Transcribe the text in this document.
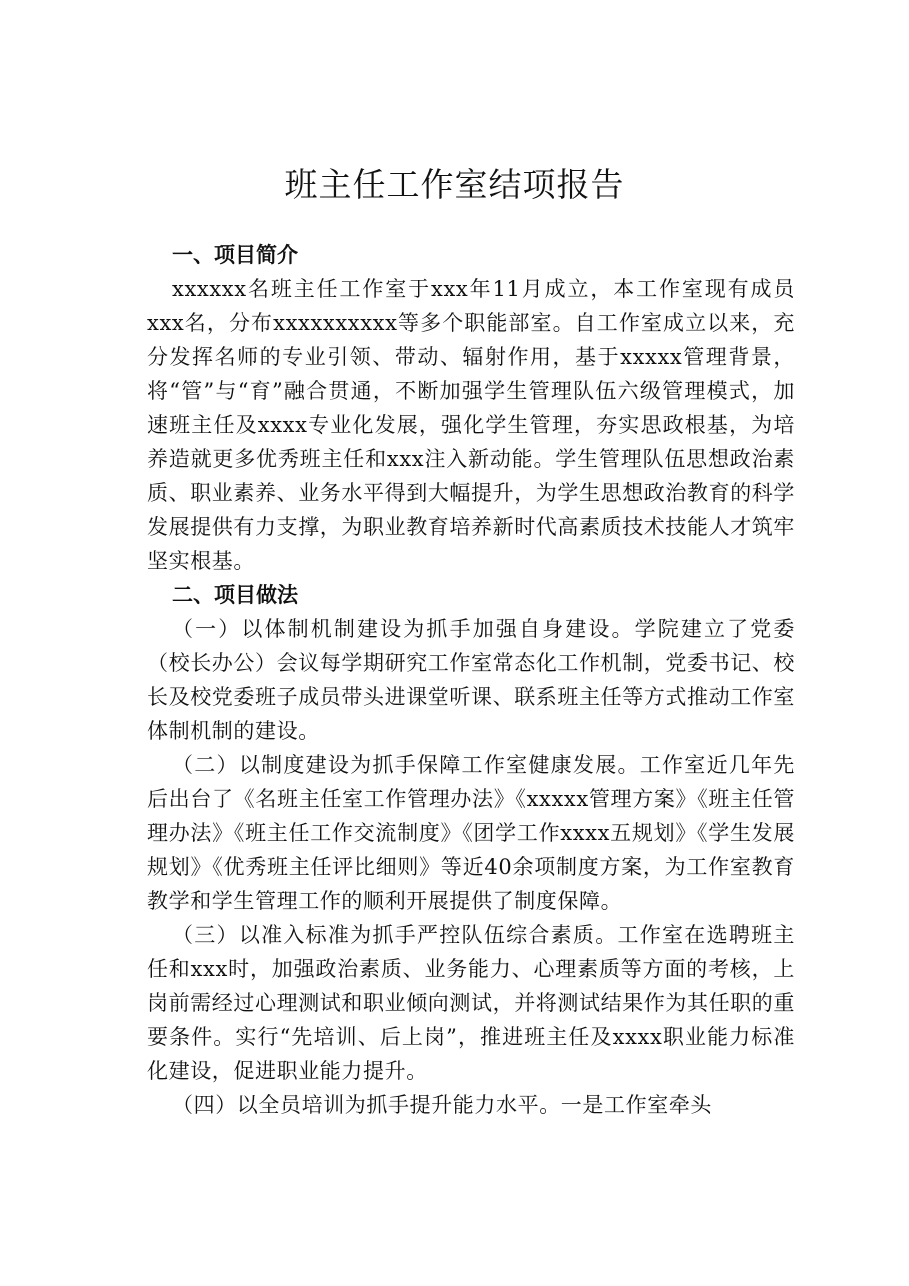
班主任工作室结项报告
一、项目简介

xxxxxx名班主任工作室于xxx年11月成立，本工作室现有成员xxx名，分布xxxxxxxxxx等多个职能部室。自工作室成立以来，充分发挥名师的专业引领、带动、辐射作用，基于xxxxx管理背景，将“管”与“育”融合贯通，不断加强学生管理队伍六级管理模式，加速班主任及xxxx专业化发展，强化学生管理，夯实思政根基，为培养造就更多优秀班主任和xxx注入新动能。学生管理队伍思想政治素质、职业素养、业务水平得到大幅提升，为学生思想政治教育的科学发展提供有力支撑，为职业教育培养新时代高素质技术技能人才筑牢坚实根基。

二、项目做法

（一）以体制机制建设为抓手加强自身建设。学院建立了党委（校长办公）会议每学期研究工作室常态化工作机制，党委书记、校长及校党委班子成员带头进课堂听课、联系班主任等方式推动工作室体制机制的建设。

（二）以制度建设为抓手保障工作室健康发展。工作室近几年先后出台了《名班主任室工作管理办法》《xxxxx管理方案》《班主任管理办法》《班主任工作交流制度》《团学工作xxxx五规划》《学生发展规划》《优秀班主任评比细则》等近40余项制度方案，为工作室教育教学和学生管理工作的顺利开展提供了制度保障。

（三）以准入标准为抓手严控队伍综合素质。工作室在选聘班主任和xxx时，加强政治素质、业务能力、心理素质等方面的考核，上岗前需经过心理测试和职业倾向测试，并将测试结果作为其任职的重要条件。实行“先培训、后上岗”，推进班主任及xxxx职业能力标准化建设，促进职业能力提升。

（四）以全员培训为抓手提升能力水平。一是工作室牵头
